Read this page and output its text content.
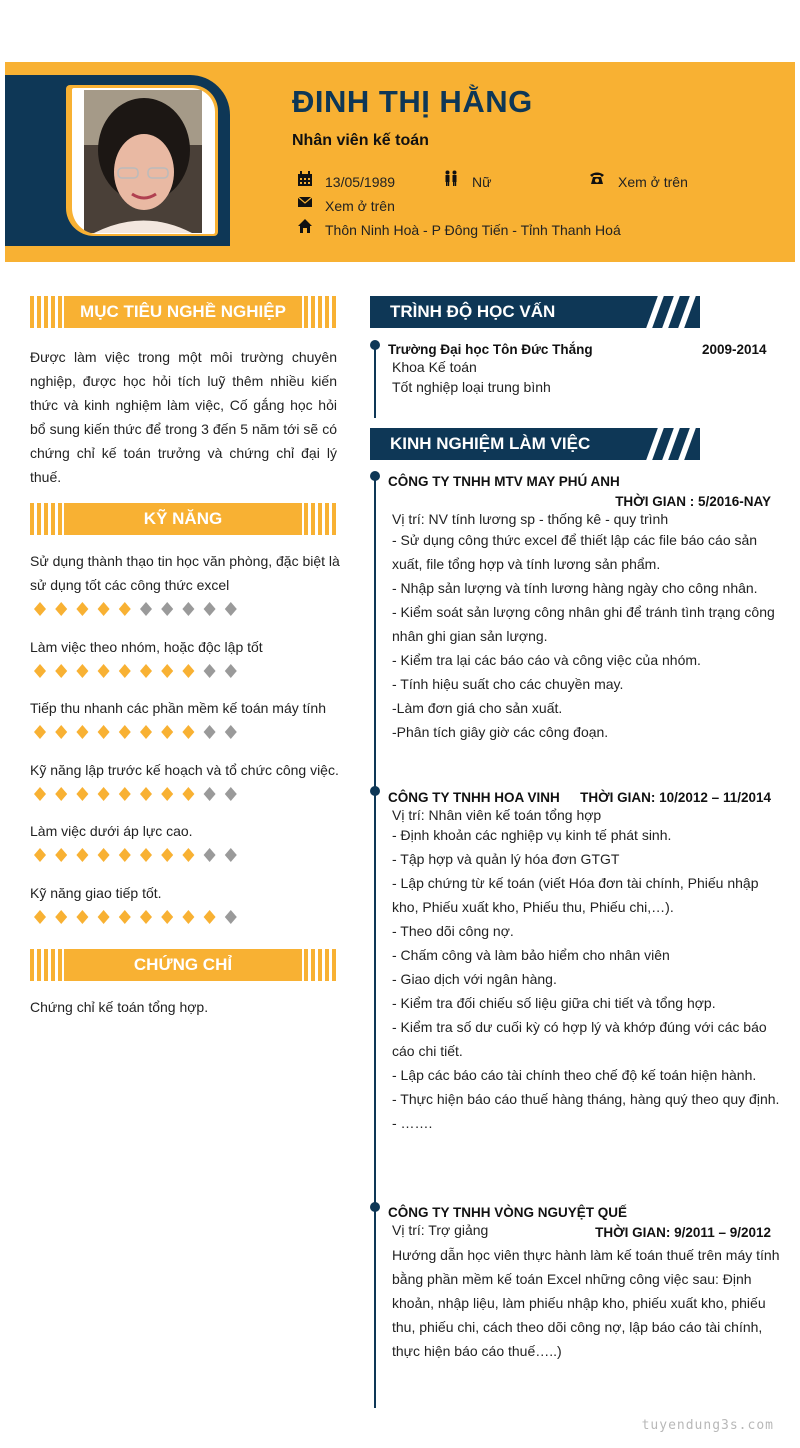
ĐINH THỊ HẰNG
Nhân viên kế toán
13/05/1989	Nữ	Xem ở trên
Xem ở trên
Thôn Ninh Hoà - P Đông Tiến - Tỉnh Thanh Hoá
MỤC TIÊU NGHỀ NGHIỆP
Được làm việc trong một môi trường chuyên nghiệp, được học hỏi tích luỹ thêm nhiều kiến thức và kinh nghiệm làm việc, Cố gắng học hỏi bổ sung kiến thức để trong 3 đến 5 năm tới sẽ có chứng chỉ kế toán trưởng và chứng chỉ đại lý thuế.
KỸ NĂNG
Sử dụng thành thạo tin học văn phòng, đặc biệt là sử dụng tốt các công thức excel
Làm việc theo nhóm, hoặc độc lập tốt
Tiếp thu nhanh các phần mềm kế toán máy tính
Kỹ năng lập trước kế hoạch và tổ chức công việc.
Làm việc dưới áp lực cao.
Kỹ năng giao tiếp tốt.
CHỨNG CHỈ
Chứng chỉ kế toán tổng hợp.
TRÌNH ĐỘ HỌC VẤN
Trường Đại học Tôn Đức Thắng	2009-2014
Khoa Kế toán
Tốt nghiệp loại trung bình
KINH NGHIỆM LÀM VIỆC
CÔNG TY TNHH MTV MAY PHÚ ANH
THỜI GIAN : 5/2016-NAY
Vị trí: NV tính lương sp - thống kê - quy trình
- Sử dụng công thức excel để thiết lập các file báo cáo sản xuất, file tổng hợp và tính lương sản phẩm.
- Nhập sản lượng và tính lương hàng ngày cho công nhân.
- Kiểm soát sản lượng công nhân ghi để tránh tình trạng công nhân ghi gian sản lượng.
- Kiểm tra lại các báo cáo và công việc của nhóm.
- Tính hiệu suất cho các chuyền may.
-Làm đơn giá cho sản xuất.
-Phân tích giây giờ các công đoạn.
CÔNG TY TNHH HOA VINH THỜI GIAN: 10/2012 – 11/2014
Vị trí: Nhân viên kế toán tổng hợp
- Định khoản các nghiệp vụ kinh tế phát sinh.
- Tập hợp và quản lý hóa đơn GTGT
- Lập chứng từ kế toán (viết Hóa đơn tài chính, Phiếu nhập kho, Phiếu xuất kho, Phiếu thu, Phiếu chi,…).
- Theo dõi công nợ.
- Chấm công và làm bảo hiểm cho nhân viên
- Giao dịch với ngân hàng.
- Kiểm tra đối chiếu số liệu giữa chi tiết và tổng hợp.
- Kiểm tra số dư cuối kỳ có hợp lý và khớp đúng với các báo cáo chi tiết.
- Lập các báo cáo tài chính theo chế độ kế toán hiện hành.
- Thực hiện báo cáo thuế hàng tháng, hàng quý theo quy định.
- …….
CÔNG TY TNHH VÒNG NGUYỆT QUẾ
Vị trí: Trợ giảng	THỜI GIAN: 9/2011 – 9/2012
Hướng dẫn học viên thực hành làm kế toán thuế trên máy tính bằng phần mềm kế toán Excel những công việc sau: Định khoản, nhập liệu, làm phiếu nhập kho, phiếu xuất kho, phiếu thu, phiếu chi, cách theo dõi công nợ, lập báo cáo tài chính, thực hiện báo cáo thuế…..)
tuyendung3s.com
